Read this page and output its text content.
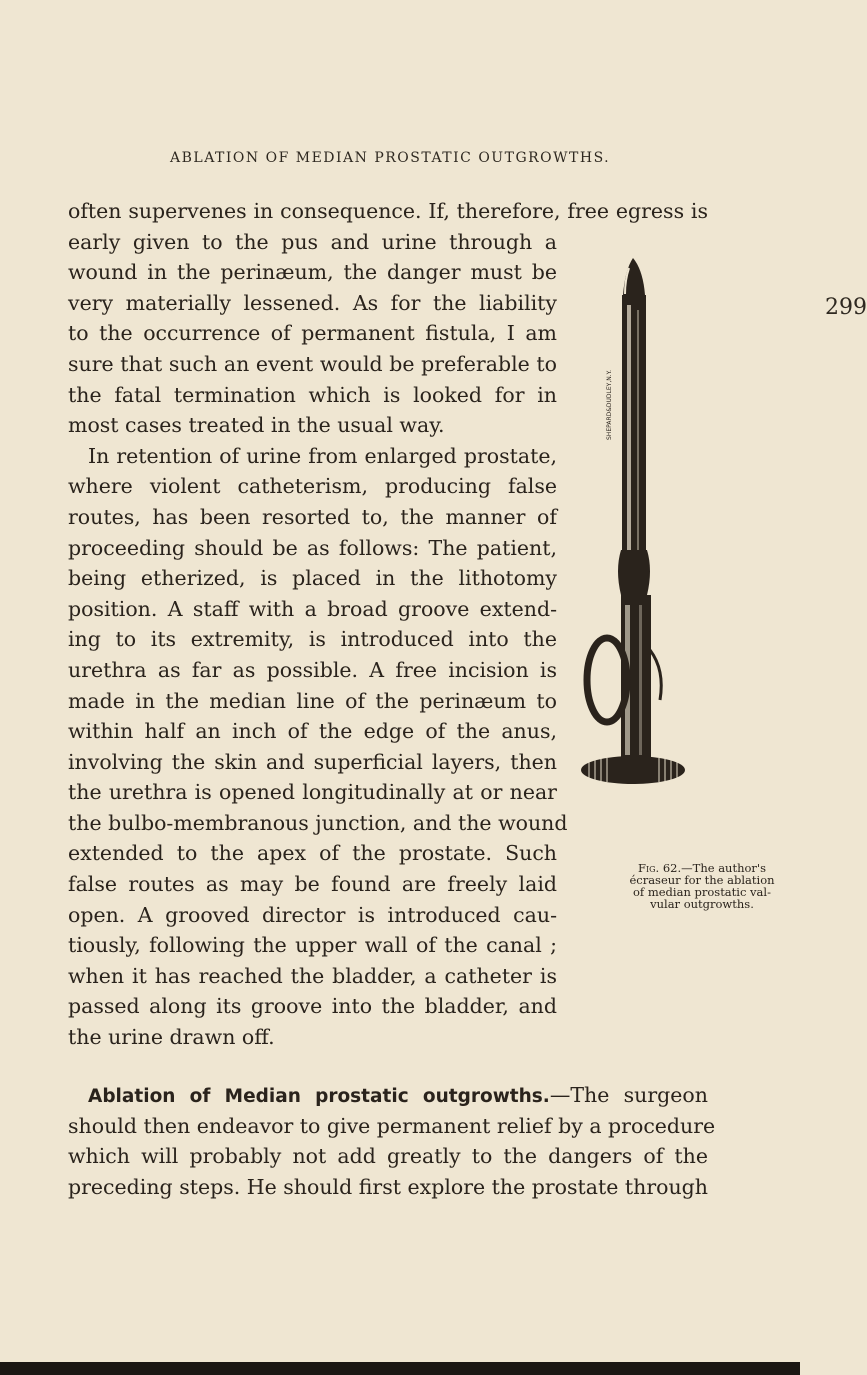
ABLATION OF MEDIAN PROSTATIC OUTGROWTHS.
299
often supervenes in consequence. If, therefore, free egress is
early given to the pus and urine through a
wound in the perinæum, the danger must be
very materially lessened. As for the liability
to the occurrence of permanent fistula, I am
sure that such an event would be preferable to
the fatal termination which is looked for in
most cases treated in the usual way.
In retention of urine from enlarged prostate,
where violent catheterism, producing false
routes, has been resorted to, the manner of
proceeding should be as follows: The patient,
being etherized, is placed in the lithotomy
position. A staff with a broad groove extend-
ing to its extremity, is introduced into the
urethra as far as possible. A free incision is
made in the median line of the perinæum to
within half an inch of the edge of the anus,
involving the skin and superficial layers, then
the urethra is opened longitudinally at or near
the bulbo-membranous junction, and the wound
extended to the apex of the prostate. Such
false routes as may be found are freely laid
open. A grooved director is introduced cau-
tiously, following the upper wall of the canal ;
when it has reached the bladder, a catheter is
passed along its groove into the bladder, and
the urine drawn off.
Ablation of Median prostatic outgrowths.—The surgeon
should then endeavor to give permanent relief by a procedure
which will probably not add greatly to the dangers of the
preceding steps. He should first explore the prostate through
SHEPARD&DUDLEY,N.Y.
Fig. 62.—The author's
écraseur for the ablation
of median prostatic val-
vular outgrowths.
